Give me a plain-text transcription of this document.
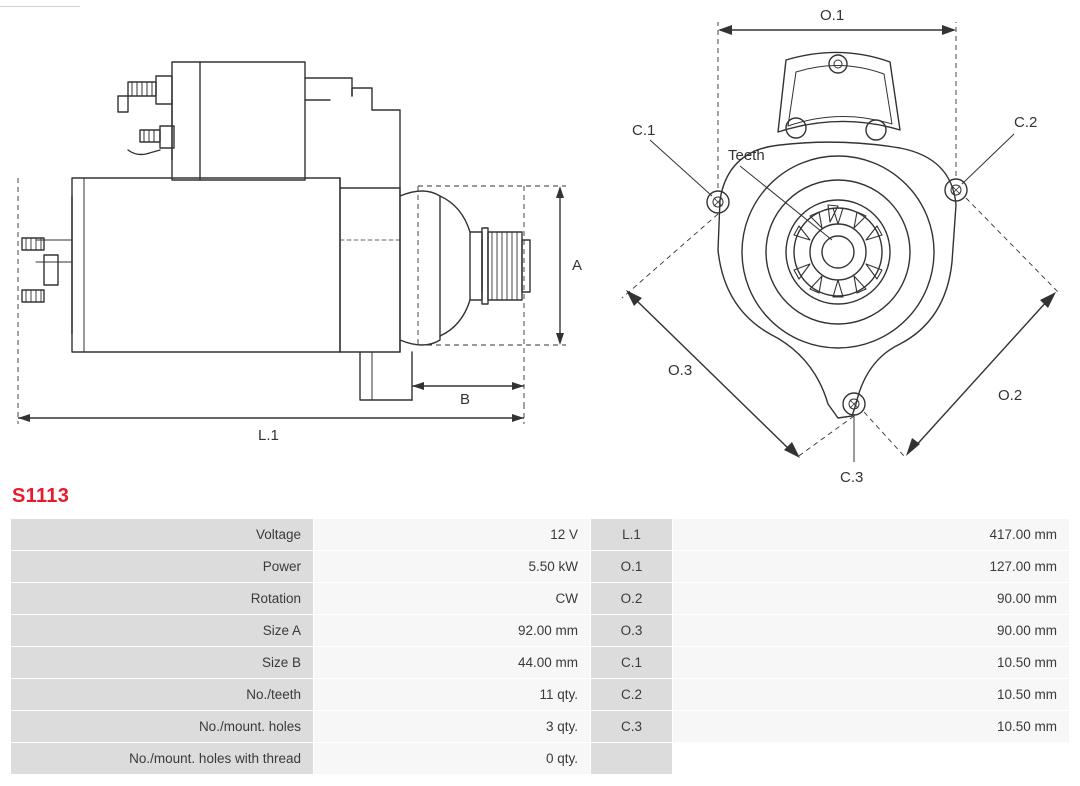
A
B
L.1
O.1
O.3
O.2
C.1	C.2
C.3
Teeth
S1113
Voltage	12 V	L.1	417.00 mm
Power	5.50 kW	O.1	127.00 mm
Rotation	CW	O.2	90.00 mm
Size A	92.00 mm	O.3	90.00 mm
Size B	44.00 mm	C.1	10.50 mm
No./teeth	11 qty.	C.2	10.50 mm
No./mount. holes	3 qty.	C.3	10.50 mm
No./mount. holes with thread	0 qty.		
